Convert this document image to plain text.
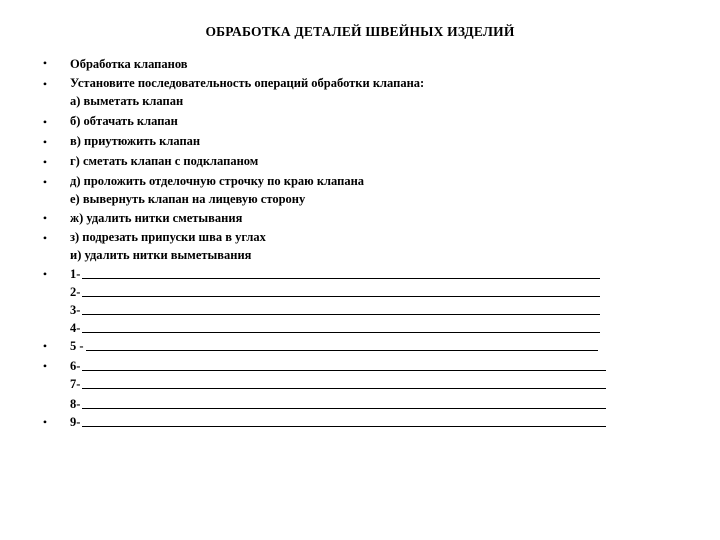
ОБРАБОТКА ДЕТАЛЕЙ ШВЕЙНЫХ ИЗДЕЛИЙ
•
•
•
•
•
•
•
•
•
•
•
•
Обработка клапанов
Установите последовательность операций обработки клапана:
а) выметать клапан
б) обтачать клапан
в) приутюжить клапан
г) сметать клапан с подклапаном
д) проложить отделочную строчку по краю клапана
е) вывернуть клапан на лицевую сторону
ж) удалить нитки сметывания
з) подрезать припуски шва в углах
и) удалить нитки выметывания
1-
2-
3-
4-
5 -
6-
7-
8-
9-
